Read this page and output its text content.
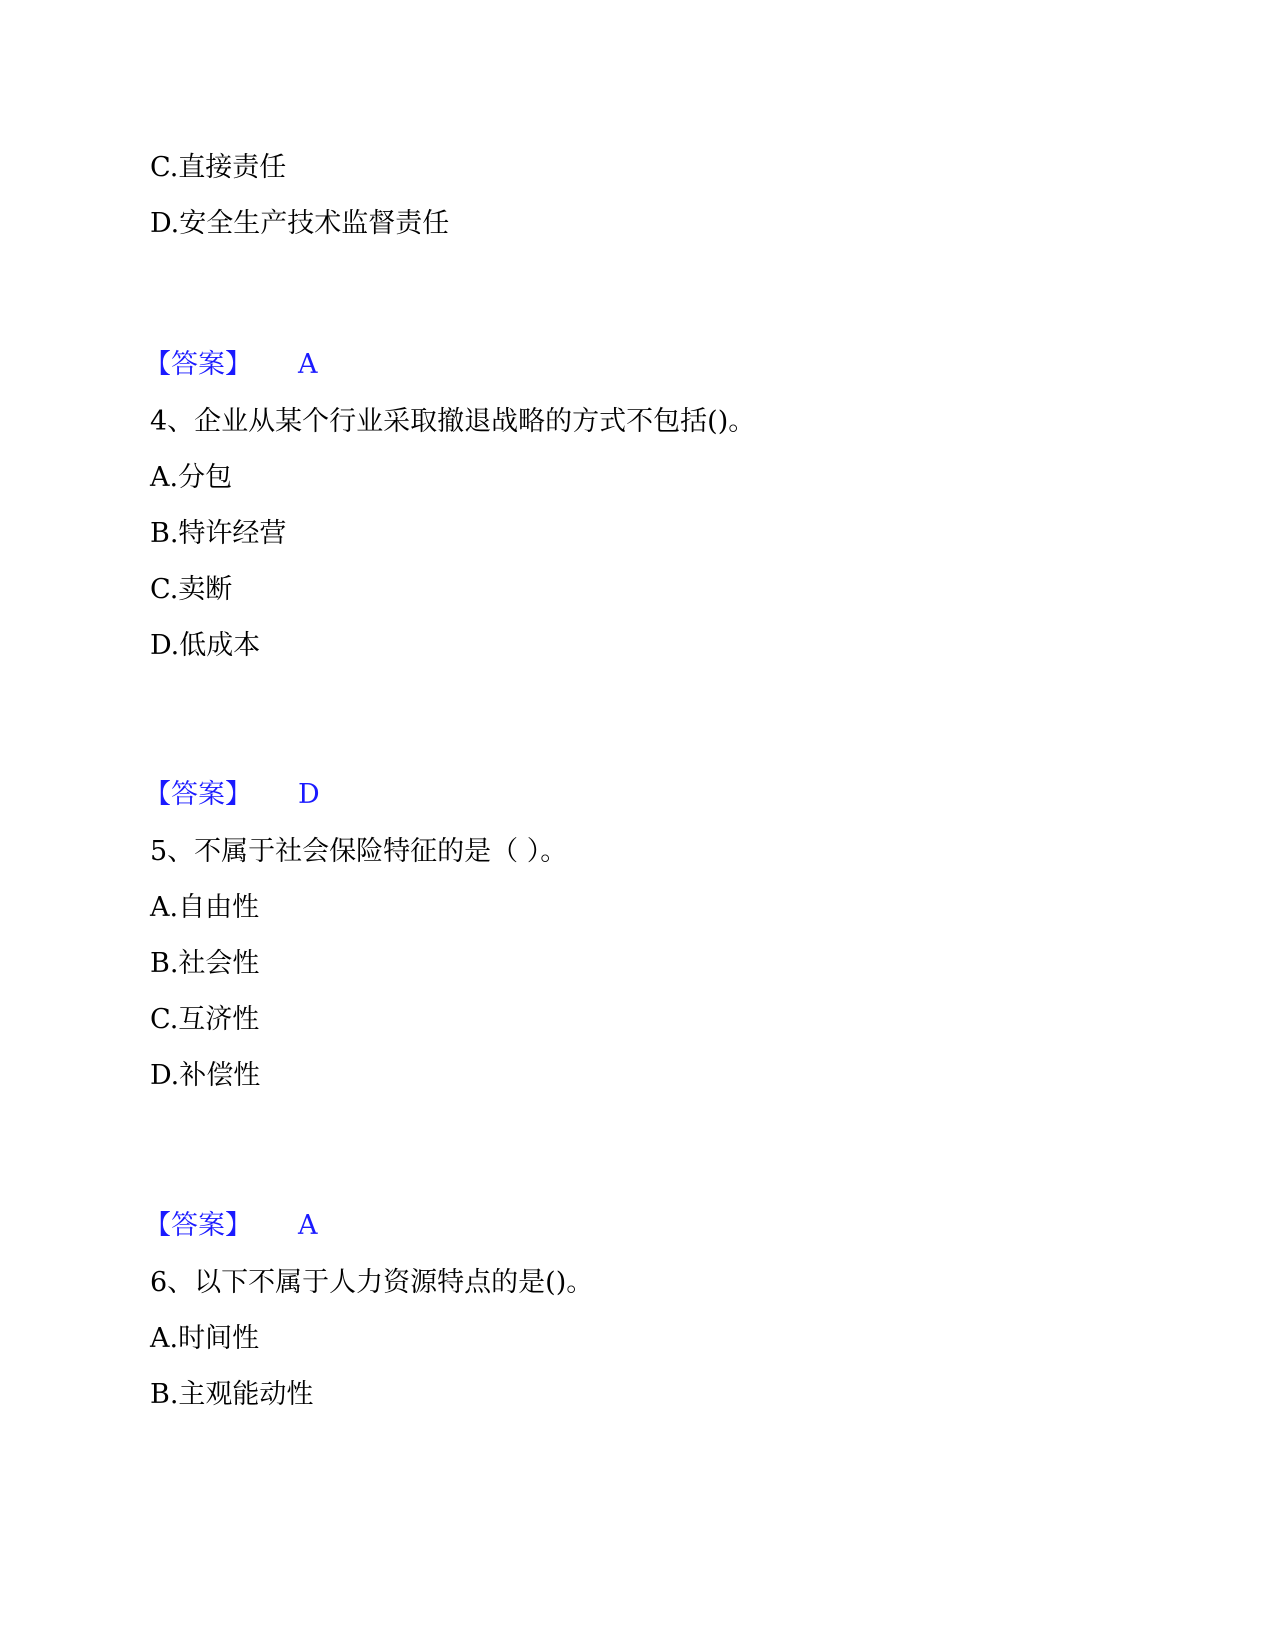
C.直接责任
D.安全生产技术监督责任
【答案】 A
4、企业从某个行业采取撤退战略的方式不包括()。
A.分包
B.特许经营
C.卖断
D.低成本
【答案】 D
5、不属于社会保险特征的是（ ）。
A.自由性
B.社会性
C.互济性
D.补偿性
【答案】 A
6、以下不属于人力资源特点的是()。
A.时间性
B.主观能动性
